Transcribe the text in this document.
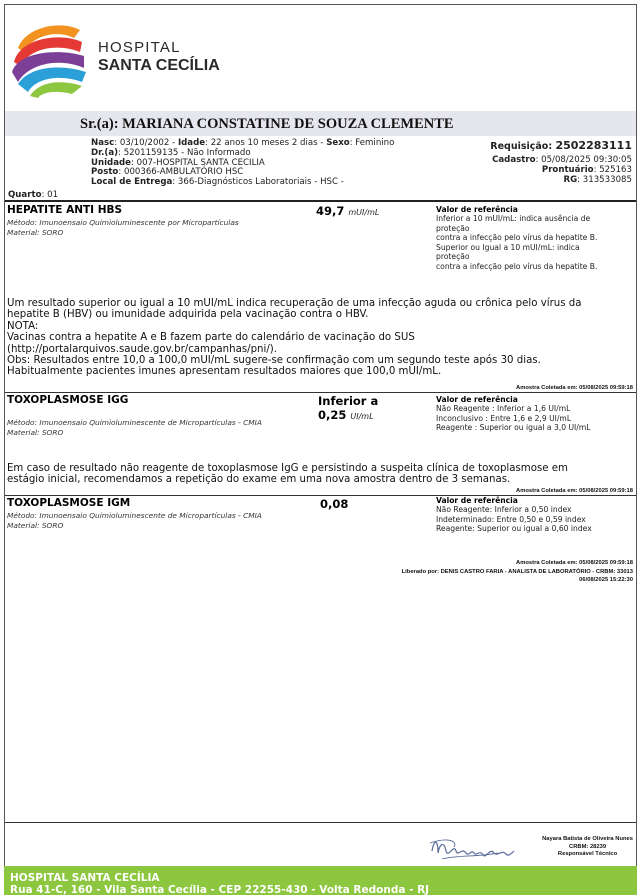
HOSPITAL
SANTA CECÍLIA
Sr.(a): MARIANA CONSTATINE DE SOUZA CLEMENTE
Nasc: 03/10/2002 - Idade: 22 anos 10 meses 2 dias - Sexo: Feminino
Dr.(a): 5201159135 - Não Informado
Unidade: 007-HOSPITAL SANTA CECILIA
Posto: 000366-AMBULATÓRIO HSC
Local de Entrega: 366-Diagnósticos Laboratoriais - HSC -
Quarto: 01
Requisição: 2502283111
Cadastro: 05/08/2025 09:30:05
Prontuário: 525163
RG: 313533085
HEPATITE ANTI HBS
Método: Imunoensaio Quimioluminescente por Micropartículas
Material: SORO
49,7 mUI/mL	Valor de referência
Inferior a 10 mUI/mL: indica ausência de
proteção
contra a infecção pelo vírus da hepatite B.
Superior ou Igual a 10 mUI/mL: indica
proteção
contra a infecção pelo vírus da hepatite B.
Um resultado superior ou igual a 10 mUI/mL indica recuperação de uma infecção aguda ou crônica pelo vírus da
hepatite B (HBV) ou imunidade adquirida pela vacinação contra o HBV.
NOTA:
Vacinas contra a hepatite A e B fazem parte do calendário de vacinação do SUS
(http://portalarquivos.saude.gov.br/campanhas/pni/).
Obs: Resultados entre 10,0 a 100,0 mUI/mL sugere-se confirmação com um segundo teste após 30 dias.
Habitualmente pacientes imunes apresentam resultados maiores que 100,0 mUI/mL.
Amostra Coletada em: 05/08/2025 09:59:18
TOXOPLASMOSE IGG
Método: Imunoensaio Quimioluminescente de Micropartículas - CMIA
Material: SORO
Inferior a
0,25 UI/mL
Valor de referência
Não Reagente : Inferior a 1,6 UI/mL
Inconclusivo : Entre 1,6 e 2,9 UI/mL
Reagente : Superior ou igual a 3,0 UI/mL
Em caso de resultado não reagente de toxoplasmose IgG e persistindo a suspeita clínica de toxoplasmose em
estágio inicial, recomendamos a repetição do exame em uma nova amostra dentro de 3 semanas.
Amostra Coletada em: 05/08/2025 09:59:18
TOXOPLASMOSE IGM
Método: Imunoensaio Quimioluminescente de Micropartículas - CMIA
Material: SORO
0,08	Valor de referência
Não Reagente: Inferior a 0,50 index
Indeterminado: Entre 0,50 e 0,59 index
Reagente: Superior ou igual a 0,60 index
Amostra Coletada em: 05/08/2025 09:59:18
Liberado por: DENIS CASTRO FARIA - ANALISTA DE LABORATÓRIO - CRBM: 33013
06/08/2025 15:22:30
Nayara Batista de Oliveira Nunes
CRBM: 28239
Responsável Técnico
HOSPITAL SANTA CECÍLIA
Rua 41-C, 160 - Vila Santa Cecília - CEP 22255-430 - Volta Redonda - RJ
